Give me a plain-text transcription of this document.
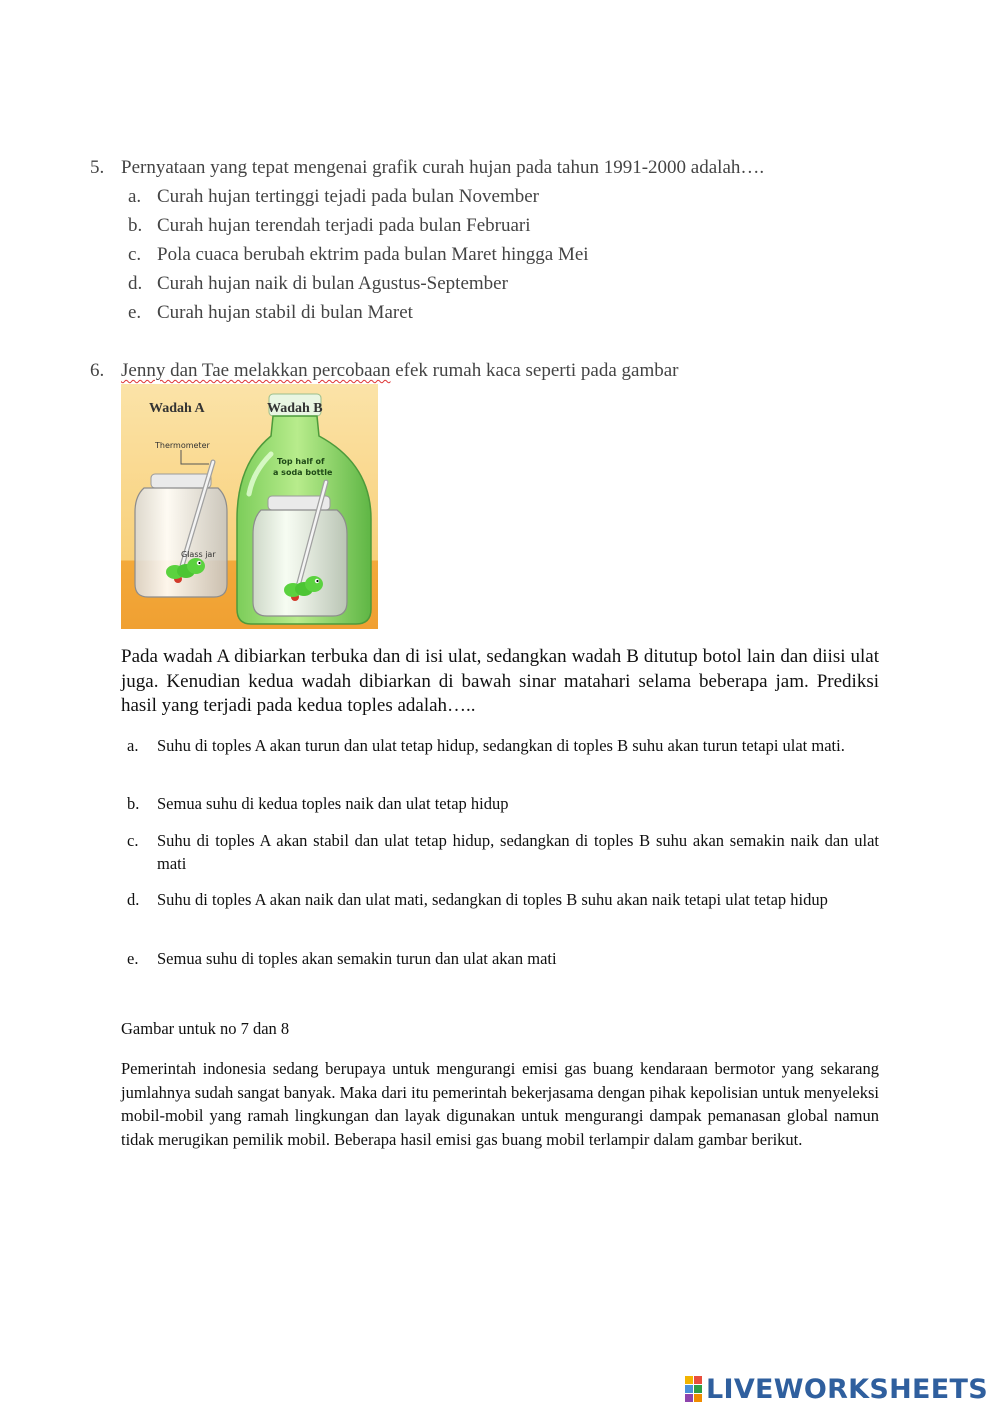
5. Pernyataan yang tepat mengenai grafik curah hujan pada tahun 1991-2000 adalah….
a. Curah hujan tertinggi tejadi pada bulan November
b. Curah hujan terendah terjadi pada bulan Februari
c. Pola cuaca berubah ektrim pada bulan Maret hingga Mei
d. Curah hujan naik di bulan Agustus-September
e. Curah hujan stabil di bulan Maret
6. Jenny dan Tae melakkan percobaan efek rumah kaca seperti pada gambar
Wadah A	Wadah B
Thermometer
Top half of
a soda bottle
Glass jar
Pada wadah A dibiarkan terbuka dan di isi ulat, sedangkan wadah B ditutup botol lain dan diisi ulat juga. Kenudian kedua wadah dibiarkan di bawah sinar matahari selama beberapa jam. Prediksi hasil yang terjadi pada kedua toples adalah…..
a. Suhu di toples A akan turun dan ulat tetap hidup, sedangkan di toples B suhu akan turun tetapi ulat mati.
b. Semua suhu di kedua toples naik dan ulat tetap hidup
c. Suhu di toples A akan stabil dan ulat tetap hidup, sedangkan di toples B suhu akan semakin naik dan ulat mati
d. Suhu di toples A akan naik dan ulat mati, sedangkan di toples B suhu akan naik tetapi ulat tetap hidup
e. Semua suhu di toples akan semakin turun dan ulat akan mati
Gambar untuk no 7 dan 8
Pemerintah indonesia sedang berupaya untuk mengurangi emisi gas buang kendaraan bermotor yang sekarang jumlahnya sudah sangat banyak. Maka dari itu pemerintah bekerjasama dengan pihak kepolisian untuk menyeleksi mobil-mobil yang ramah lingkungan dan layak digunakan untuk mengurangi dampak pemanasan global namun tidak merugikan pemilik mobil. Beberapa hasil emisi gas buang mobil terlampir dalam gambar berikut.
LIVEWORKSHEETS
